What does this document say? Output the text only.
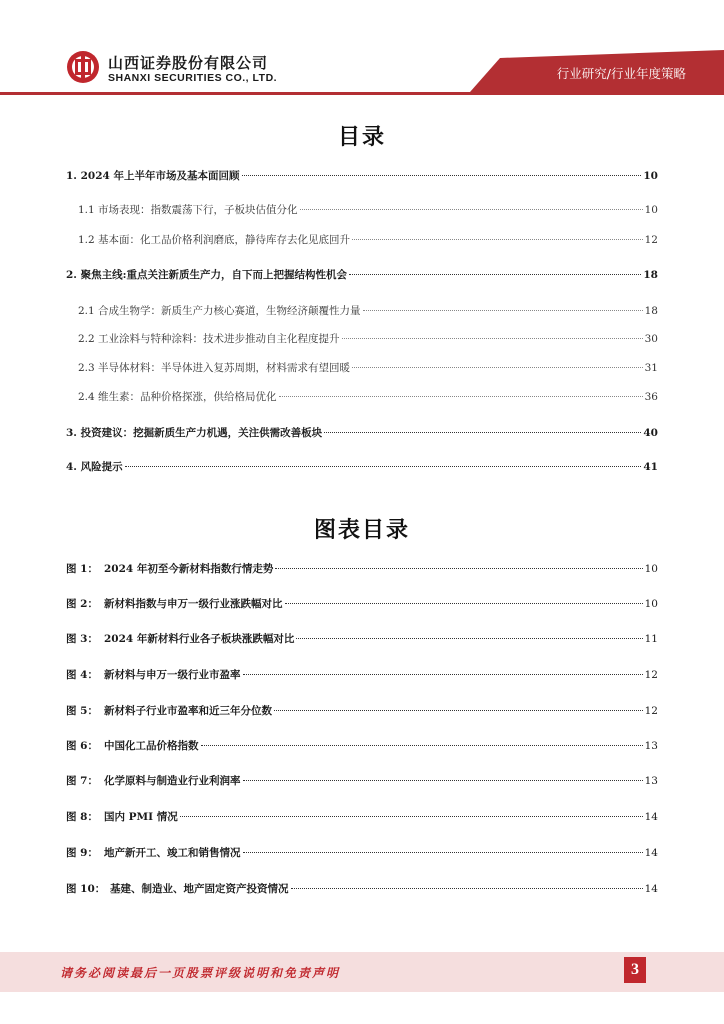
行业研究/行业年度策略
山西证券股份有限公司
SHANXI SECURITIES CO., LTD.
目录
1. 2024 年上半年市场及基本面回顾	10
1.1 市场表现：指数震荡下行，子板块估值分化	10
1.2 基本面：化工品价格利润磨底，静待库存去化见底回升	12
2. 聚焦主线:重点关注新质生产力，自下而上把握结构性机会	18
2.1 合成生物学：新质生产力核心赛道，生物经济颠覆性力量	18
2.2 工业涂料与特种涂料：技术进步推动自主化程度提升	30
2.3 半导体材料：半导体进入复苏周期，材料需求有望回暖	31
2.4 维生素：品种价格探涨，供给格局优化	36
3. 投资建议：挖掘新质生产力机遇，关注供需改善板块	40
4. 风险提示	41
图表目录
图 1： 2024 年初至今新材料指数行情走势	10
图 2： 新材料指数与申万一级行业涨跌幅对比	10
图 3： 2024 年新材料行业各子板块涨跌幅对比	11
图 4： 新材料与申万一级行业市盈率	12
图 5： 新材料子行业市盈率和近三年分位数	12
图 6： 中国化工品价格指数	13
图 7： 化学原料与制造业行业利润率	13
图 8： 国内 PMI 情况	14
图 9： 地产新开工、竣工和销售情况	14
图 10： 基建、制造业、地产固定资产投资情况	14
请务必阅读最后一页股票评级说明和免责声明	3
